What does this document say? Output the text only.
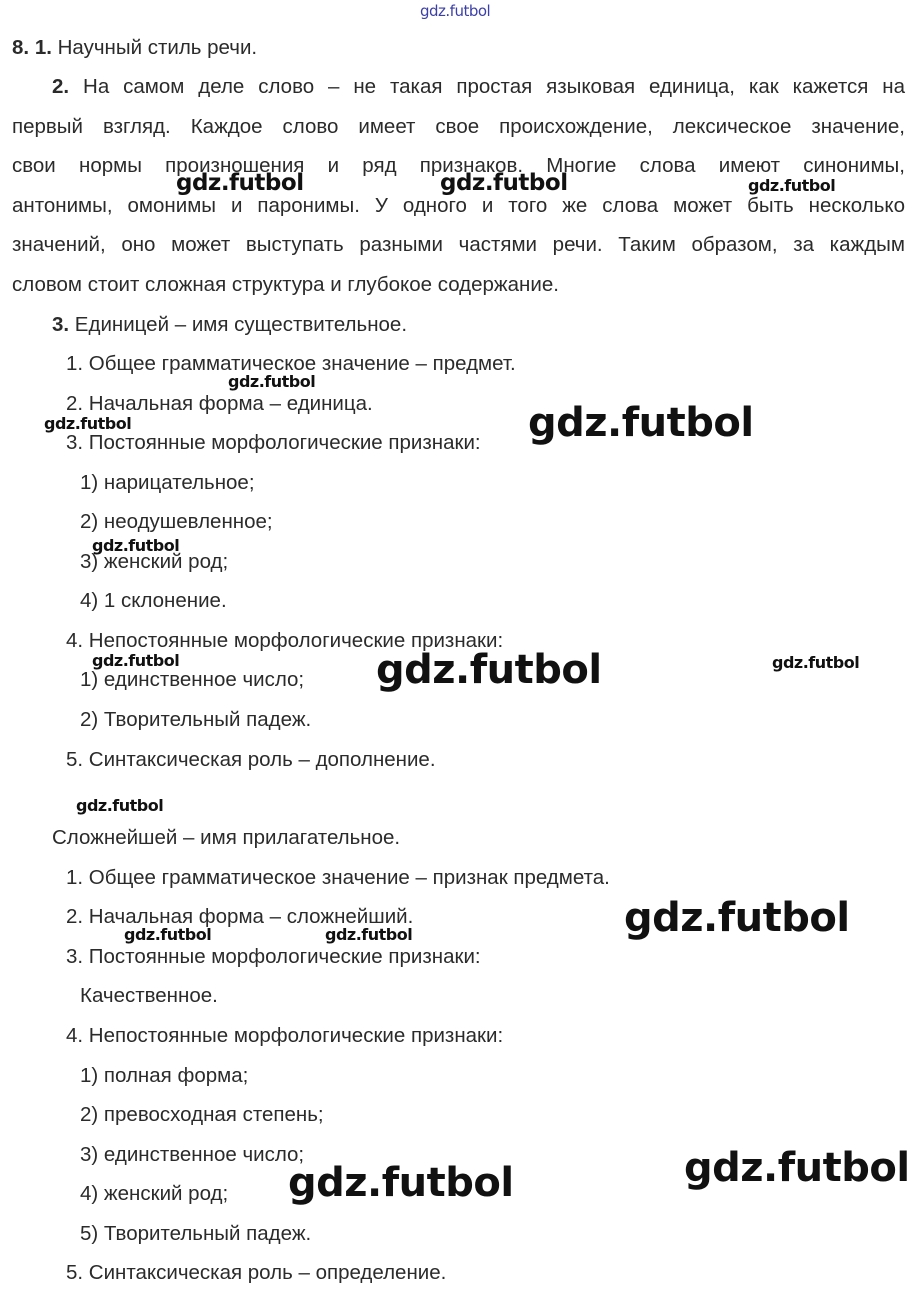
8. 1. Научный стиль речи.
2. На самом деле слово – не такая простая языковая единица, как кажется на
первый взгляд. Каждое слово имеет свое происхождение, лексическое значение,
свои нормы произношения и ряд признаков. Многие слова имеют синонимы,
антонимы, омонимы и паронимы. У одного и того же слова может быть несколько
значений, оно может выступать разными частями речи. Таким образом, за каждым
словом стоит сложная структура и глубокое содержание.
3. Единицей – имя существительное.
1. Общее грамматическое значение – предмет.
2. Начальная форма – единица.
3. Постоянные морфологические признаки:
1) нарицательное;
2) неодушевленное;
3) женский род;
4) 1 склонение.
4. Непостоянные морфологические признаки:
1) единственное число;
2) Творительный падеж.
5. Синтаксическая роль – дополнение.
Сложнейшей – имя прилагательное.
1. Общее грамматическое значение – признак предмета.
2. Начальная форма – сложнейший.
3. Постоянные морфологические признаки:
Качественное.
4. Непостоянные морфологические признаки:
1) полная форма;
2) превосходная степень;
3) единственное число;
4) женский род;
5) Творительный падеж.
5. Синтаксическая роль – определение.
gdz.futbol
gdz.futbol	gdz.futbol	gdz.futbol
gdz.futbol
gdz.futbol	gdz.futbol
gdz.futbol
gdz.futbol	gdz.futbol	gdz.futbol
gdz.futbol
gdz.futbol	gdz.futbol	gdz.futbol
gdz.futbol
gdz.futbol
